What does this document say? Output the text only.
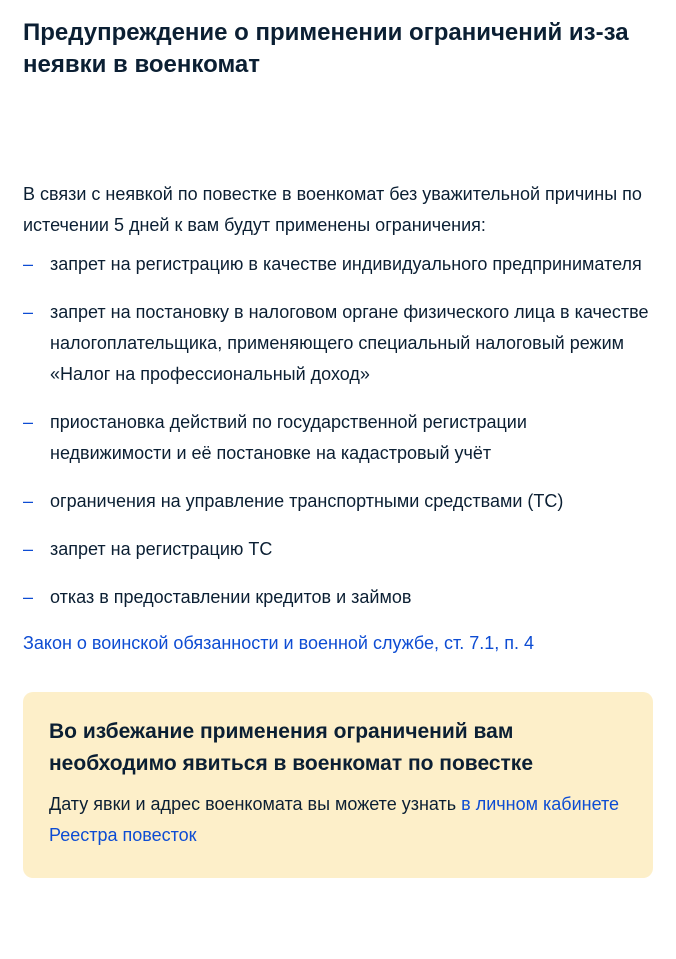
Предупреждение о применении ограничений из-за неявки в военкомат

В связи с неявкой по повестке в военкомат без уважительной причины по истечении 5 дней к вам будут применены ограничения:

– запрет на регистрацию в качестве индивидуального предпринимателя
– запрет на постановку в налоговом органе физического лица в качестве налогоплательщика, применяющего специальный налоговый режим «Налог на профессиональный доход»
– приостановка действий по государственной регистрации недвижимости и её постановке на кадастровый учёт
– ограничения на управление транспортными средствами (ТС)
– запрет на регистрацию ТС
– отказ в предоставлении кредитов и займов
Закон о воинской обязанности и военной службе, ст. 7.1, п. 4
Во избежание применения ограничений вам необходимо явиться в военкомат по повестке

Дату явки и адрес военкомата вы можете узнать в личном кабинете Реестра повесток
